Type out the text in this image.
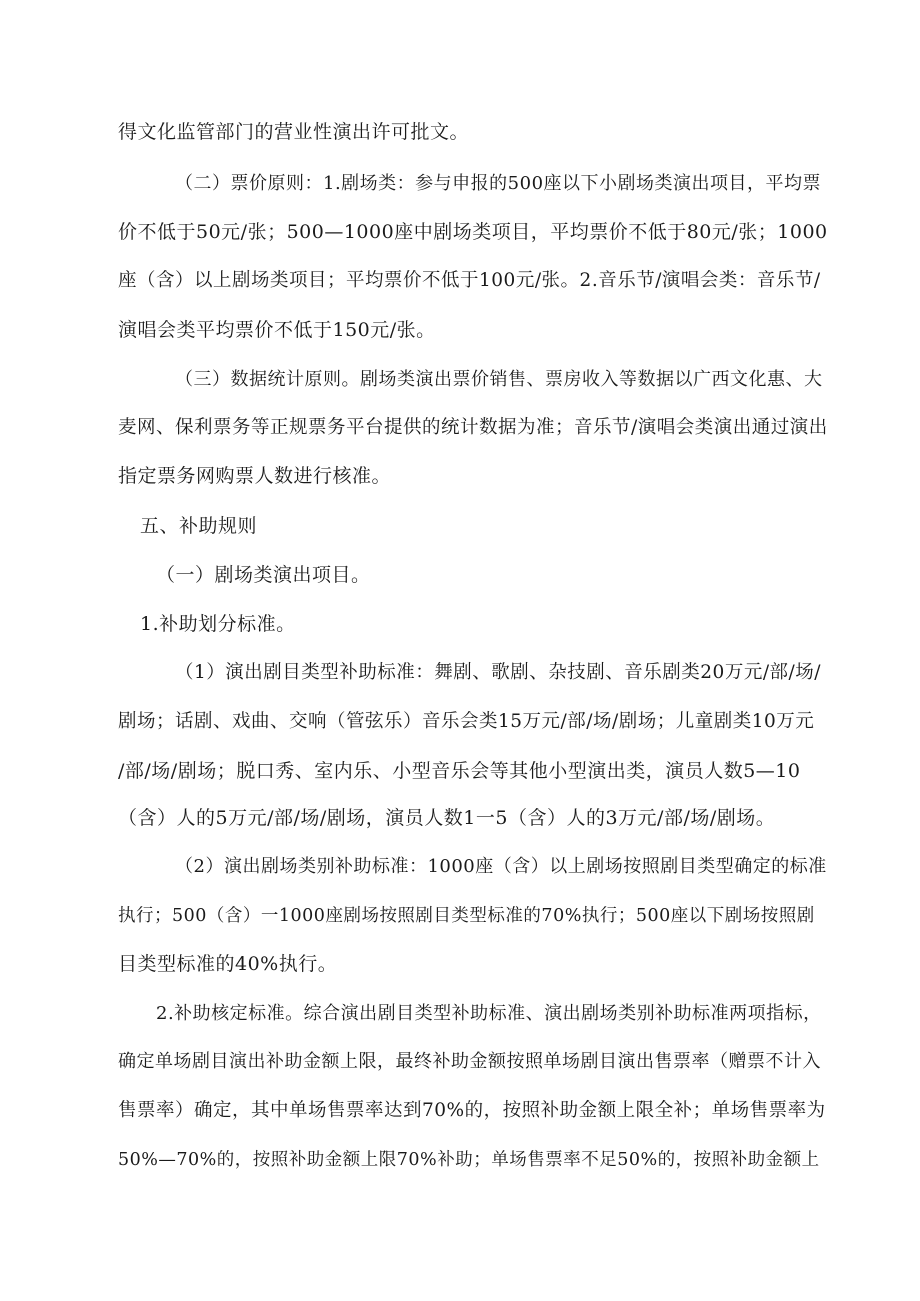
得文化监管部门的营业性演出许可批文。
（二）票价原则：1.剧场类：参与申报的500座以下小剧场类演出项目，平均票
价不低于50元/张；500—1000座中剧场类项目，平均票价不低于80元/张；1000
座（含）以上剧场类项目；平均票价不低于100元/张。2.音乐节/演唱会类：音乐节/
演唱会类平均票价不低于150元/张。
（三）数据统计原则。剧场类演出票价销售、票房收入等数据以广西文化惠、大
麦网、保利票务等正规票务平台提供的统计数据为准；音乐节/演唱会类演出通过演出
指定票务网购票人数进行核准。
五、补助规则
（一）剧场类演出项目。
1.补助划分标准。
（1）演出剧目类型补助标准：舞剧、歌剧、杂技剧、音乐剧类20万元/部/场/
剧场；话剧、戏曲、交响（管弦乐）音乐会类15万元/部/场/剧场；儿童剧类10万元
/部/场/剧场；脱口秀、室内乐、小型音乐会等其他小型演出类，演员人数5—10
（含）人的5万元/部/场/剧场，演员人数1一5（含）人的3万元/部/场/剧场。
（2）演出剧场类别补助标准：1000座（含）以上剧场按照剧目类型确定的标准
执行；500（含）一1000座剧场按照剧目类型标准的70%执行；500座以下剧场按照剧
目类型标准的40%执行。
2.补助核定标准。综合演出剧目类型补助标准、演出剧场类别补助标准两项指标，
确定单场剧目演出补助金额上限，最终补助金额按照单场剧目演出售票率（赠票不计入
售票率）确定，其中单场售票率达到70%的，按照补助金额上限全补；单场售票率为
50%—70%的，按照补助金额上限70%补助；单场售票率不足50%的，按照补助金额上
